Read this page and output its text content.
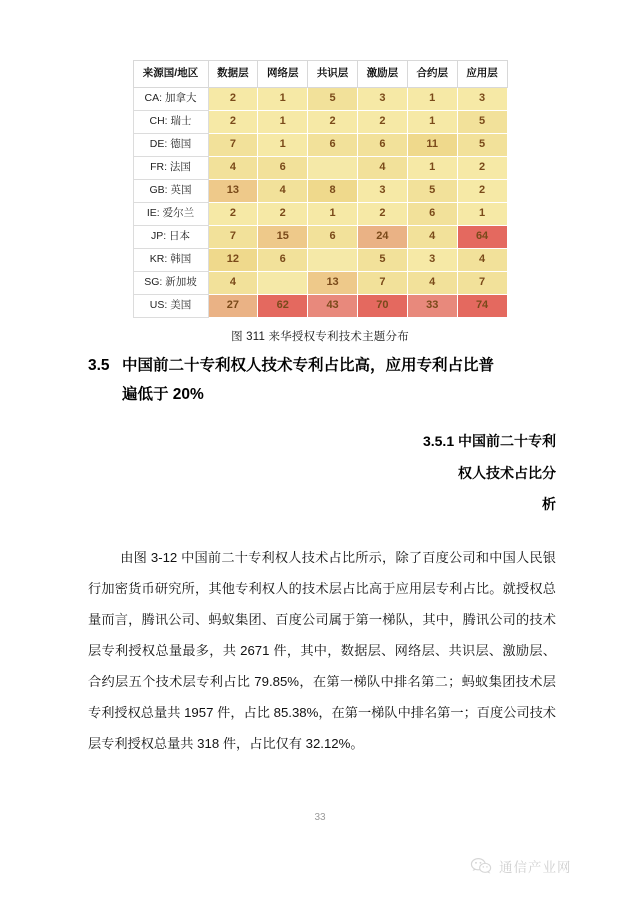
来源国/地区	数据层	网络层	共识层	激励层	合约层	应用层
CA: 加拿大	2	1	5	3	1	3
CH: 瑞士	2	1	2	2	1	5
DE: 德国	7	1	6	6	11	5
FR: 法国	4	6		4	1	2
GB: 英国	13	4	8	3	5	2
IE: 爱尔兰	2	2	1	2	6	1
JP: 日本	7	15	6	24	4	64
KR: 韩国	12	6		5	3	4
SG: 新加坡	4		13	7	4	7
US: 美国	27	62	43	70	33	74
图 311 来华授权专利技术主题分布
3.5 中国前二十专利权人技术专利占比高，应用专利占比普
遍低于 20%
3.5.1 中国前二十专利
权人技术占比分
析
由图 3-12 中国前二十专利权人技术占比所示，除了百度公司和中国人民银行加密货币研究所，其他专利权人的技术层占比高于应用层专利占比。就授权总量而言，腾讯公司、蚂蚁集团、百度公司属于第一梯队，其中，腾讯公司的技术层专利授权总量最多，共 2671 件，其中，数据层、网络层、共识层、激励层、合约层五个技术层专利占比 79.85%，在第一梯队中排名第二；蚂蚁集团技术层专利授权总量共 1957 件，占比 85.38%，在第一梯队中排名第一；百度公司技术层专利授权总量共 318 件，占比仅有 32.12%。
33
通信产业网
